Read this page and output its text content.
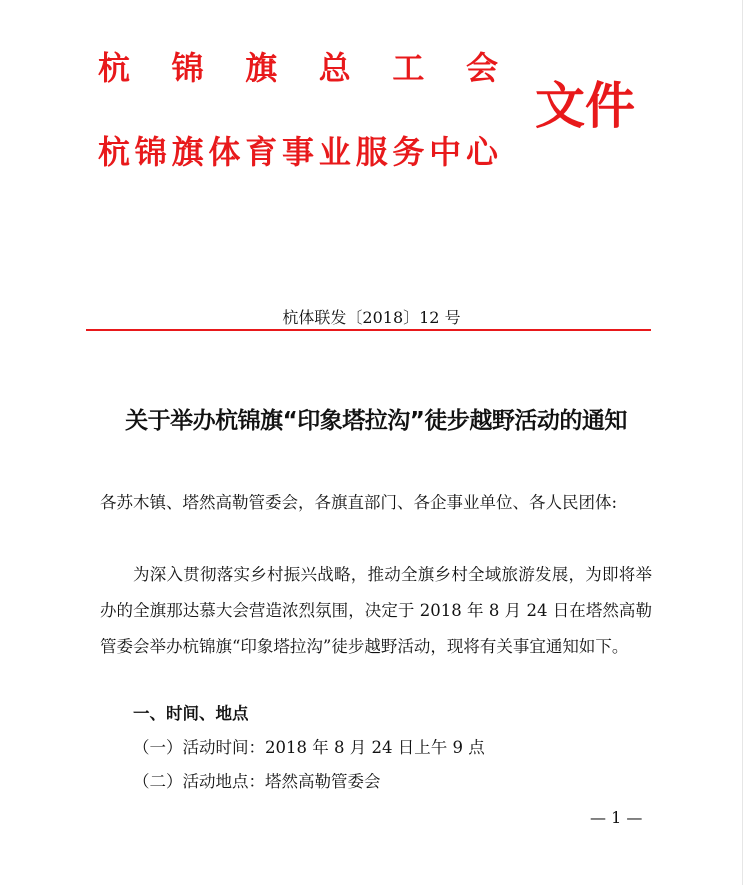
杭锦旗总工会
杭锦旗体育事业服务中心
文件
杭体联发〔2018〕12 号
关于举办杭锦旗“印象塔拉沟”徒步越野活动的通知
各苏木镇、塔然高勒管委会，各旗直部门、各企事业单位、各人民团体:
为深入贯彻落实乡村振兴战略，推动全旗乡村全域旅游发展，为即将举办的全旗那达慕大会营造浓烈氛围，决定于 2018 年 8 月 24 日在塔然高勒管委会举办杭锦旗“印象塔拉沟”徒步越野活动，现将有关事宜通知如下。
一、时间、地点
（一）活动时间：2018 年 8 月 24 日上午 9 点
（二）活动地点：塔然高勒管委会
— 1 —
